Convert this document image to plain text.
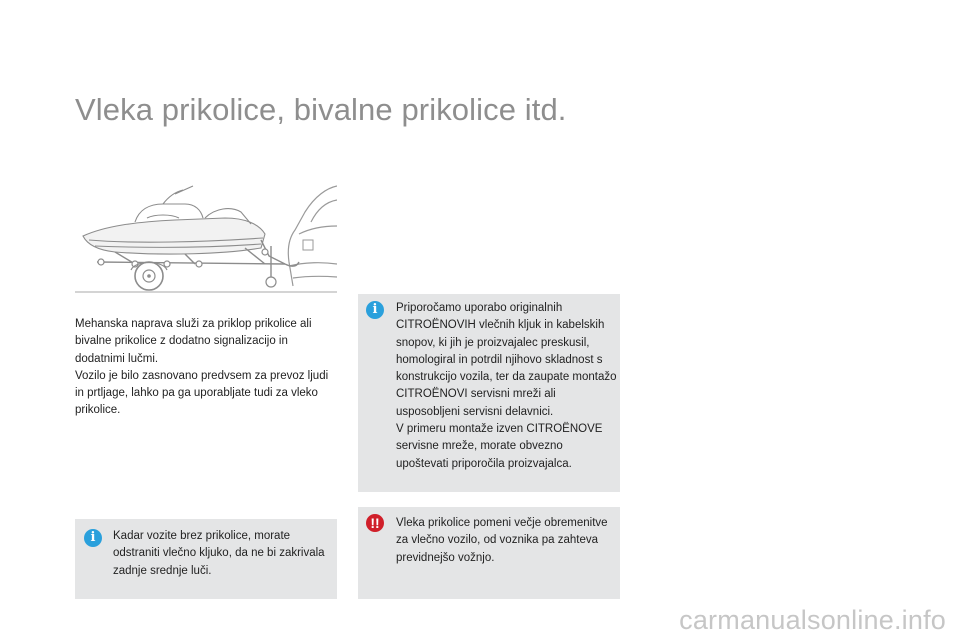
Vleka prikolice, bivalne prikolice itd.

Mehanska naprava služi za priklop prikolice ali bivalne prikolice z dodatno signalizacijo in dodatnimi lučmi.

Vozilo je bilo zasnovano predvsem za prevoz ljudi in prtljage, lahko pa ga uporabljate tudi za vleko prikolice.

i	Priporočamo uporabo originalnih CITROËNOVIH vlečnih kljuk in kabelskih snopov, ki jih je proizvajalec preskusil, homologiral in potrdil njihovo skladnost s konstrukcijo vozila, ter da zaupate montažo CITROËNOVI servisni mreži ali usposobljeni servisni delavnici.

V primeru montaže izven CITROËNOVE servisne mreže, morate obvezno upoštevati priporočila proizvajalca.

i	Kadar vozite brez prikolice, morate odstraniti vlečno kljuko, da ne bi zakrivala zadnje srednje luči.

!!	Vleka prikolice pomeni večje obremenitve za vlečno vozilo, od voznika pa zahteva previdnejšo vožnjo.

carmanualsonline.info
